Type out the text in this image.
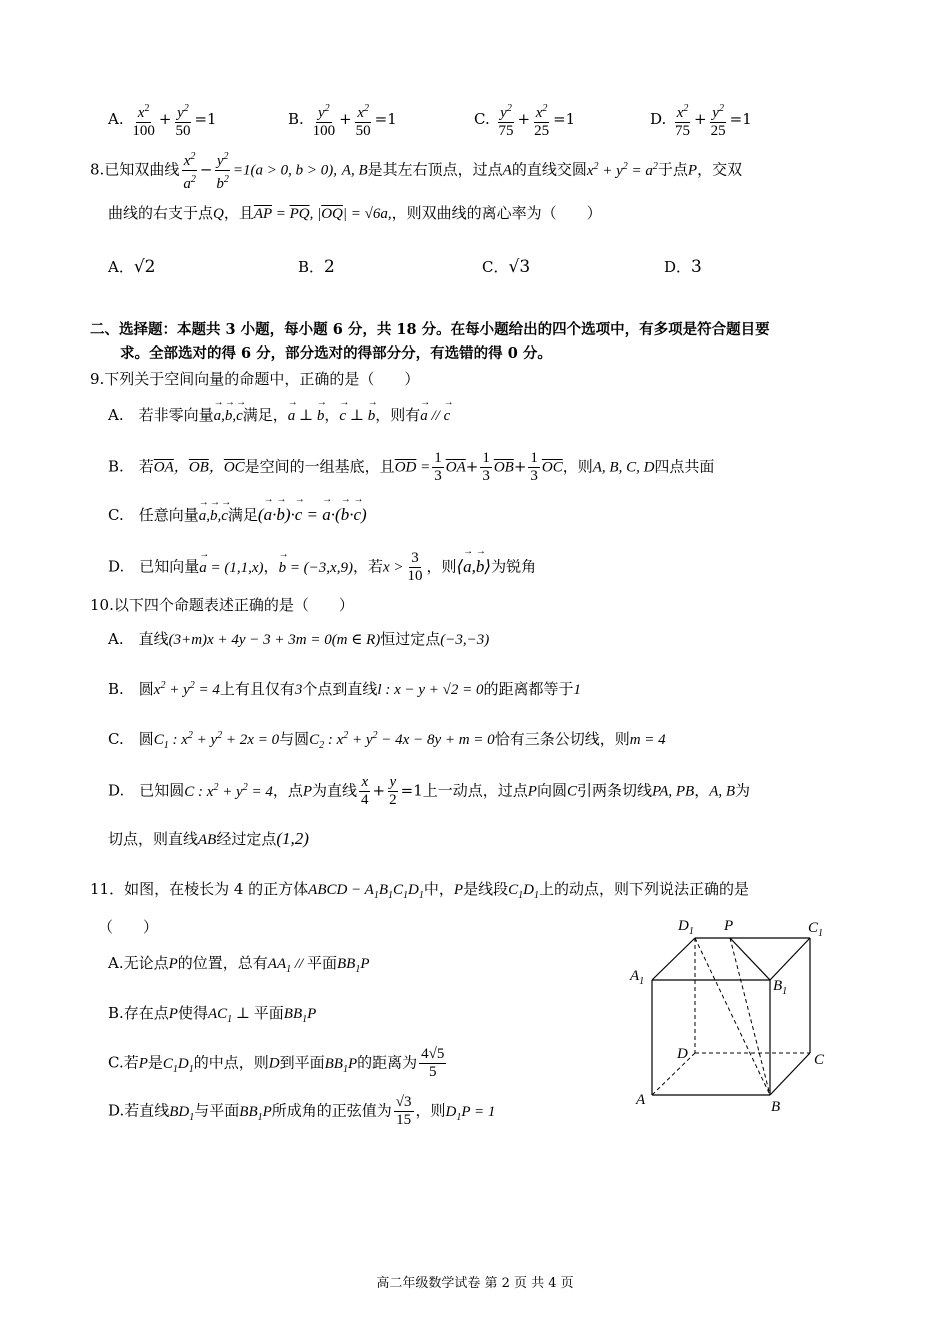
A. $\frac{x^2}{100} + \frac{y^2}{50} =1$	B. $\frac{y^2}{100} + \frac{x^2}{50} =1$	C. $\frac{y^2}{75} + \frac{x^2}{25} =1$	D. $\frac{x^2}{75} + \frac{y^2}{25} =1$
8.已知双曲线 $\frac{x^2}{a^2} - \frac{y^2}{b^2} =1(a > 0$, b > 0), A, B是其左右顶点，过点A的直线交圆$x^2 + y^2 = a^2$于点P，交双
曲线的右支于点Q，且$\overline{AP} = \overline{PQ}$, $|\overline{OQ}| = √6a$,，则双曲线的离心率为（　　）
A．√2	B．2	C．√3	D．3
二、选择题：本题共 3 小题，每小题 6 分，共 18 分。在每小题给出的四个选项中，有多项是符合题目要
求。全部选对的得 6 分，部分选对的得部分分，有选错的得 0 分。
9.下列关于空间向量的命题中，正确的是（　　）
A.　若非零向量→ a,→ b,→ c满足，→ a ⊥ → b，→ c ⊥ → b，则有→ a // → c
B.　若$\overline{OA}$，$\overline{OB}$，$\overline{OC}$是空间的一组基底，且$\overline{OD} = \frac{1}{3} \overline{OA}+ \frac{1}{3} \overline{OB}+ \frac{1}{3} \overline{OC}$，则A, B, C, D四点共面
C.　任意向量→ a,→ b,→ c满足(→ a·→ b)·→ c = → a·(→ b·→ c)
D.　已知向量→ a = (1,1,x)，→ b = (−3,x,9)，若$x > \frac{3}{10}$ ，则⟨→ a,→ b⟩为锐角
10.以下四个命题表述正确的是（　　）
A.　直线(3+m)x + 4y − 3 + 3m = 0(m ∈ R)恒过定点(−3,−3)
B.　圆$x^2 + y^2 = 4$上有且仅有3个点到直线l : x − y + √2 = 0的距离都等于1
C.　圆$C_1$ : $x^2 + y^2 + 2x = 0$与圆$C_2$ : $x^2 + y^2 - 4x - 8y + m = 0$恰有三条公切线，则m = 4
D.　已知圆C : $x^2 + y^2 = 4$，点P为直线 $\frac{x}{4} + \frac{y}{2} =1$上一动点，过点P向圆C引两条切线PA, PB，A, B为
切点，则直线AB经过定点(1,2)
11．如图，在棱长为 4 的正方体ABCD − $A_1B_1C_1D_1$中，P是线段$C_1D_1$上的动点，则下列说法正确的是
（　　）
A.无论点P的位置，总有$AA_1$ // 平面$BB_1P$
B.存在点P使得$AC_1$ ⊥ 平面$BB_1P$
C.若P是$C_1D_1$的中点，则D到平面$BB_1P$的距离为 $\frac{4√5}{5}$
D.若直线$BD_1$与平面$BB_1P$所成角的正弦值为 $\frac{√3}{15}$ ，则$D_1P = 1$
$D_1$ P	$C_1$
$A_1$	$B_1$
D	C
A	B
高二年级数学试卷 第 2 页 共 4 页
